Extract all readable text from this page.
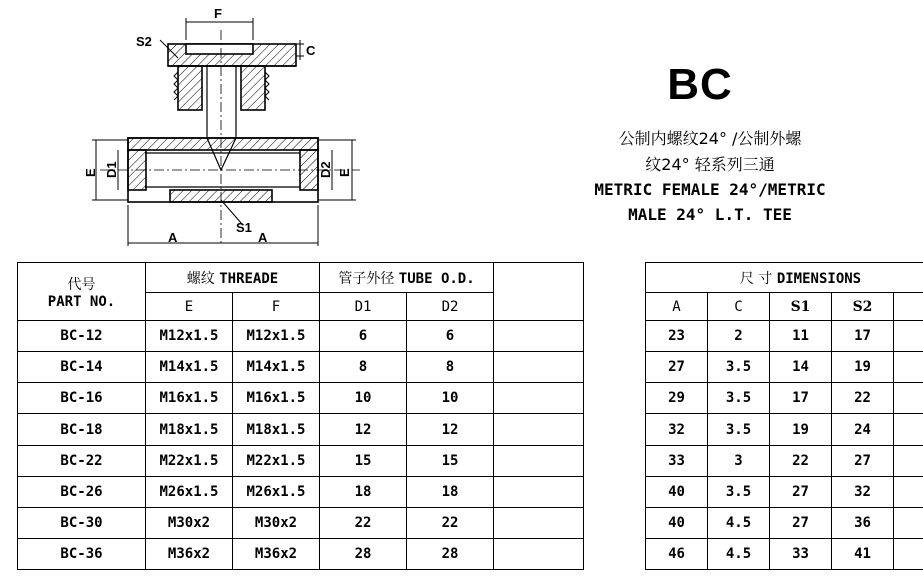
F
S2
C
E D1	D2 E
S1
A	A
BC
公制内螺纹24° /公制外螺
纹24° 轻系列三通
METRIC FEMALE 24°/METRIC
MALE 24° L.T. TEE
代号
PART NO.	螺纹 THREADE		管子外径 TUBE O.D.				尺 寸 DIMENSIONS				
	E	F	D1	D2			A	C	S1	S2	
BC-12	M12x1.5	M12x1.5	6	6			23	2	11	17	
BC-14	M14x1.5	M14x1.5	8	8			27	3.5	14	19	
BC-16	M16x1.5	M16x1.5	10	10			29	3.5	17	22	
BC-18	M18x1.5	M18x1.5	12	12			32	3.5	19	24	
BC-22	M22x1.5	M22x1.5	15	15			33	3	22	27	
BC-26	M26x1.5	M26x1.5	18	18			40	3.5	27	32	
BC-30	M30x2	M30x2	22	22			40	4.5	27	36	
BC-36	M36x2	M36x2	28	28			46	4.5	33	41	
